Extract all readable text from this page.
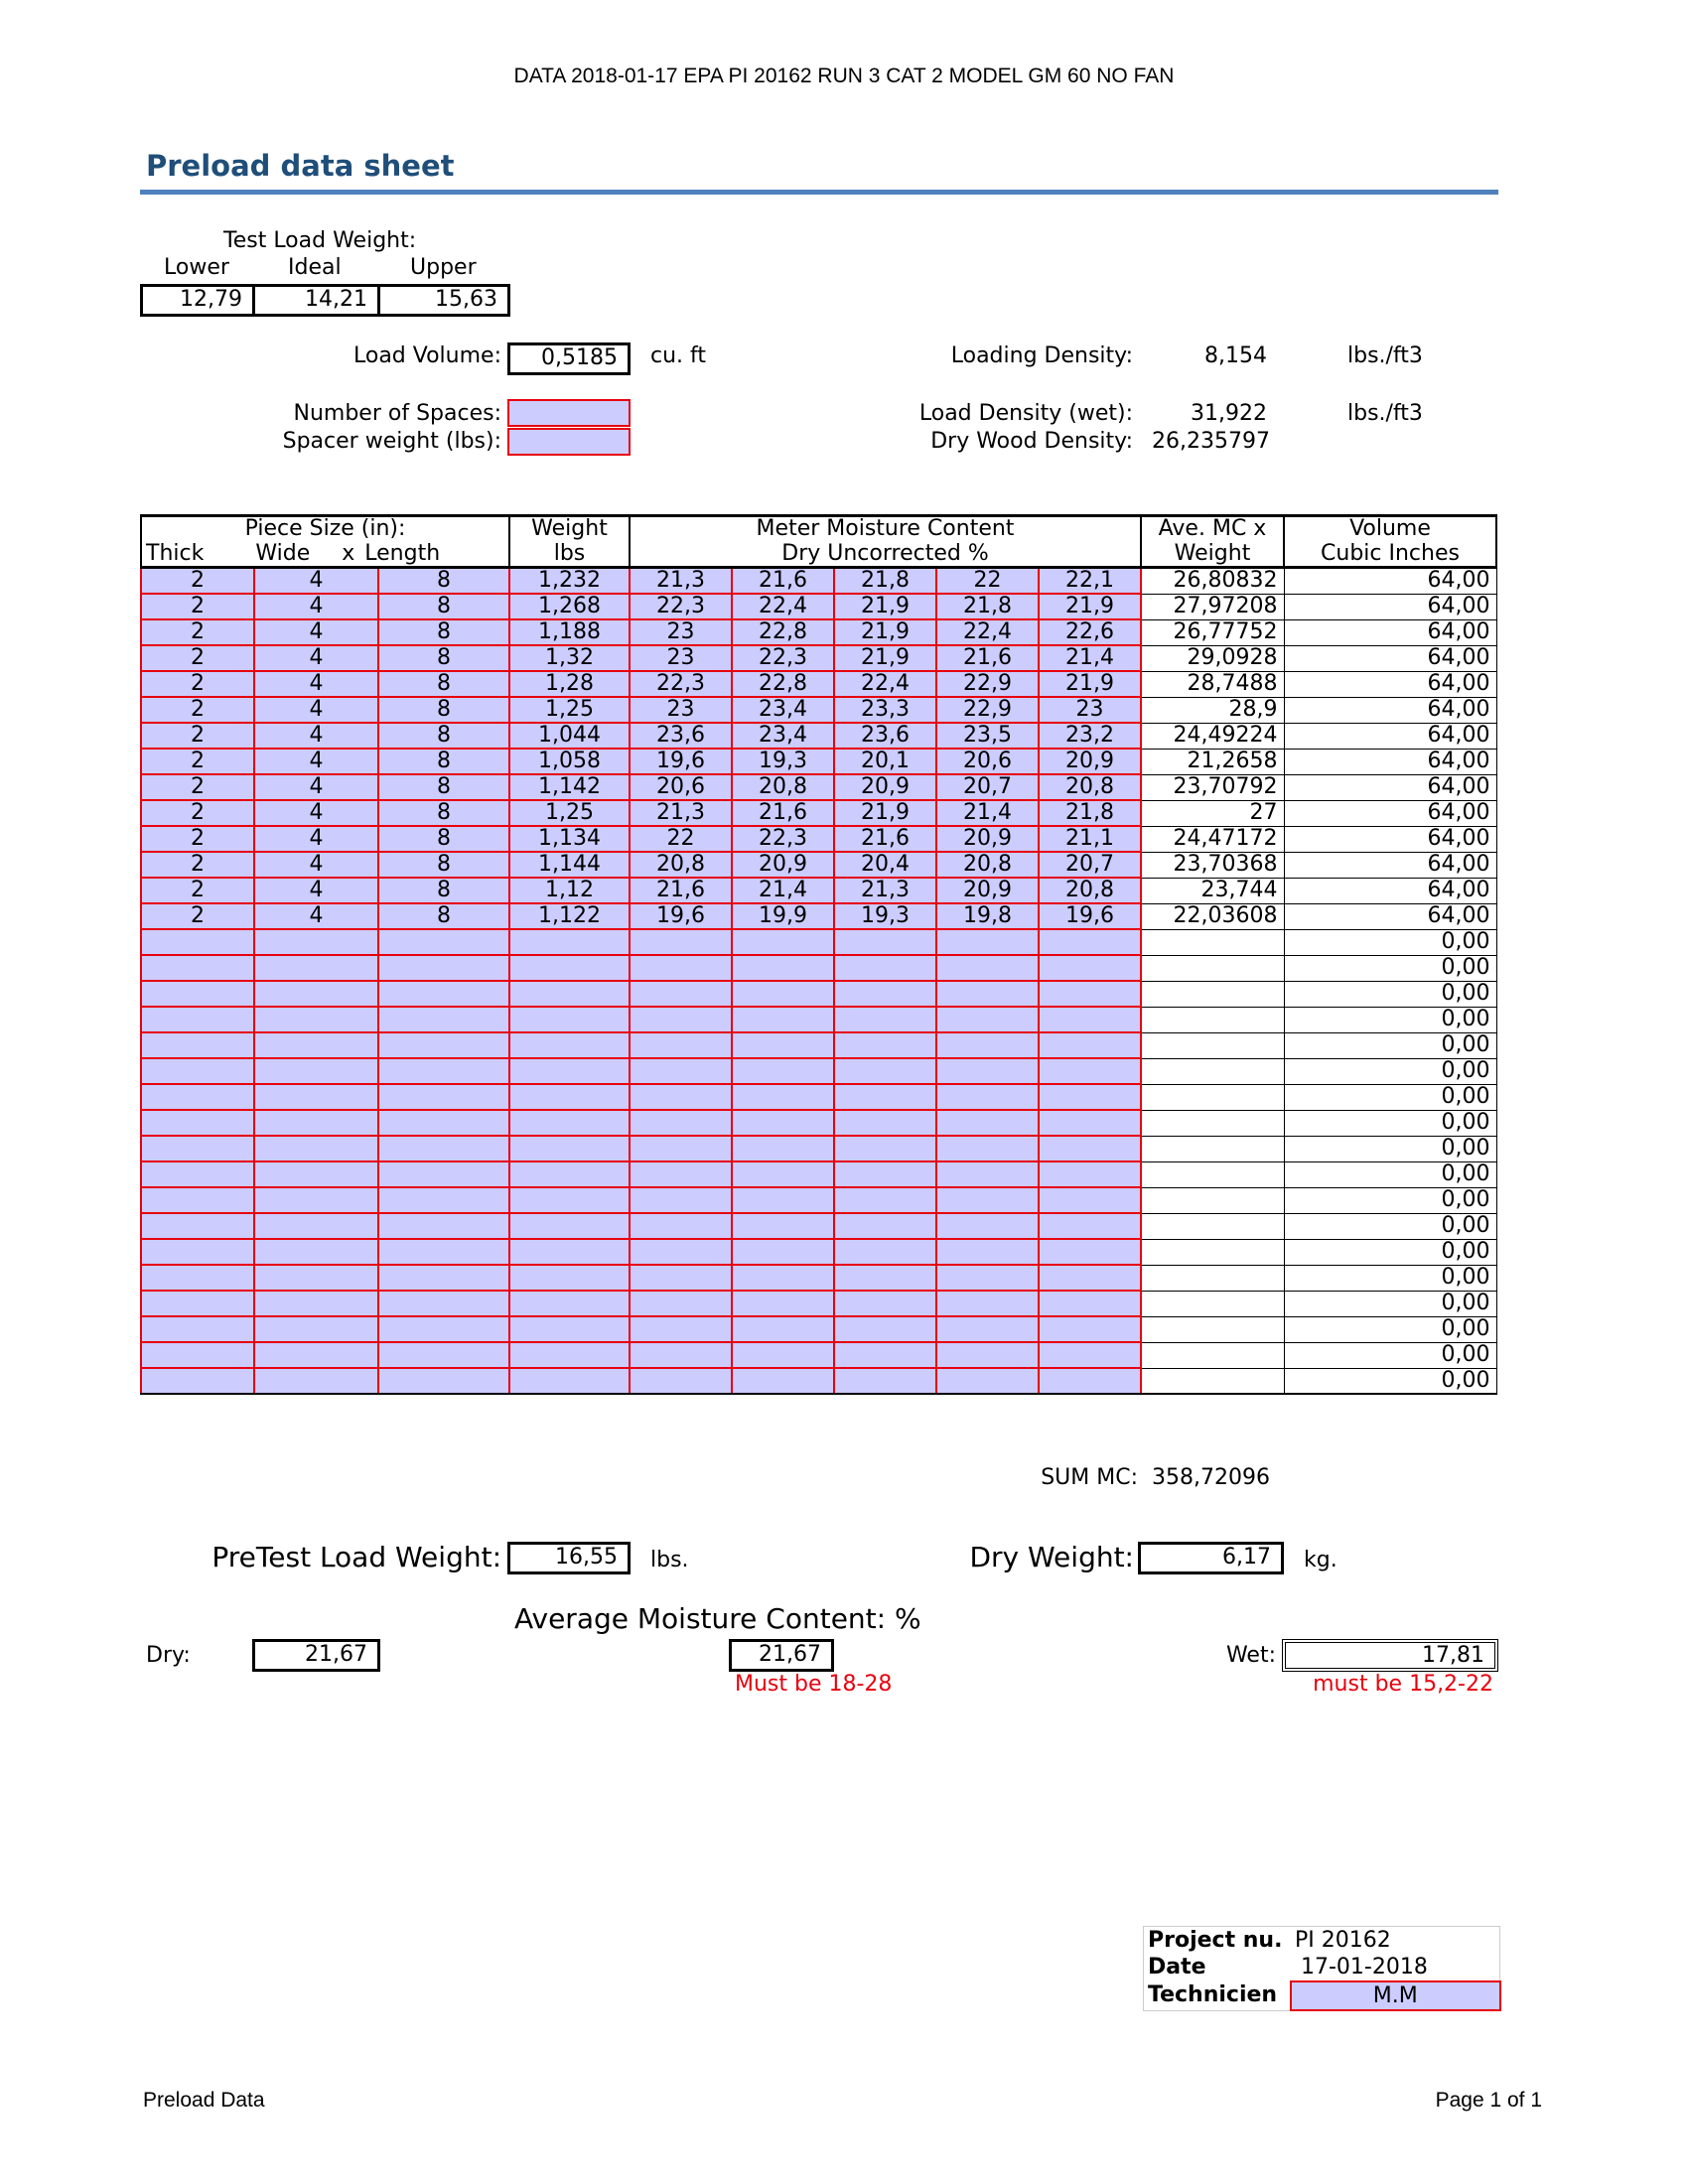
DATA 2018-01-17 EPA PI 20162 RUN 3 CAT 2 MODEL GM 60 NO FAN
Preload data sheet
Test Load Weight:
Lower	Ideal	Upper
12,79	14,21	15,63
Load Volume:	0,5185	cu. ft	Loading Density:	8,154	lbs./ft3
Number of Spaces:
Spacer weight (lbs):
Load Density (wet):	31,922	lbs./ft3
Dry Wood Density: 26,235797
Piece Size (in):			Weight	Meter Moisture Content					Ave. MC x	Volume
Thick Wide x Length			lbs	Dry Uncorrected %					Weight	Cubic Inches
2	4	8	1,232	21,3	21,6	21,8	22	22,1	26,80832	64,00
2	4	8	1,268	22,3	22,4	21,9	21,8	21,9	27,97208	64,00
2	4	8	1,188	23	22,8	21,9	22,4	22,6	26,77752	64,00
2	4	8	1,32	23	22,3	21,9	21,6	21,4	29,0928	64,00
2	4	8	1,28	22,3	22,8	22,4	22,9	21,9	28,7488	64,00
2	4	8	1,25	23	23,4	23,3	22,9	23	28,9	64,00
2	4	8	1,044	23,6	23,4	23,6	23,5	23,2	24,49224	64,00
2	4	8	1,058	19,6	19,3	20,1	20,6	20,9	21,2658	64,00
2	4	8	1,142	20,6	20,8	20,9	20,7	20,8	23,70792	64,00
2	4	8	1,25	21,3	21,6	21,9	21,4	21,8	27	64,00
2	4	8	1,134	22	22,3	21,6	20,9	21,1	24,47172	64,00
2	4	8	1,144	20,8	20,9	20,4	20,8	20,7	23,70368	64,00
2	4	8	1,12	21,6	21,4	21,3	20,9	20,8	23,744	64,00
2	4	8	1,122	19,6	19,9	19,3	19,8	19,6	22,03608	64,00
										0,00
										0,00
										0,00
										0,00
										0,00
										0,00
										0,00
										0,00
										0,00
										0,00
										0,00
										0,00
										0,00
										0,00
										0,00
										0,00
										0,00
										0,00
SUM MC: 358,72096
PreTest Load Weight:	16,55	lbs.	Dry Weight:	6,17	kg.
Average Moisture Content: %
Dry:	21,67	21,67
Must be 18-28
Wet:	17,81
must be 15,2-22
Project nu.	PI 20162
Date	17-01-2018
Technicien	M.M
Preload Data	Page 1 of 1
